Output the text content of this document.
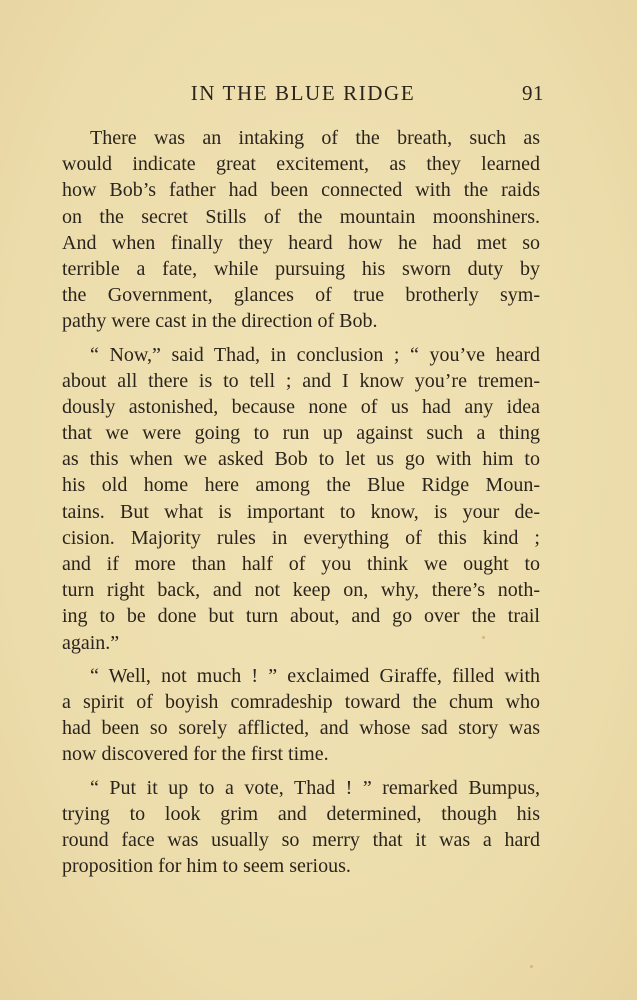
IN THE BLUE RIDGE	91
There was an intaking of the breath, such as
would indicate great excitement, as they learned
how Bob’s father had been connected with the raids
on the secret Stills of the mountain moonshiners.
And when finally they heard how he had met so
terrible a fate, while pursuing his sworn duty by
the Government, glances of true brotherly sym-
pathy were cast in the direction of Bob.
“ Now,” said Thad, in conclusion ; “ you’ve heard
about all there is to tell ; and I know you’re tremen-
dously astonished, because none of us had any idea
that we were going to run up against such a thing
as this when we asked Bob to let us go with him to
his old home here among the Blue Ridge Moun-
tains. But what is important to know, is your de-
cision. Majority rules in everything of this kind ;
and if more than half of you think we ought to
turn right back, and not keep on, why, there’s noth-
ing to be done but turn about, and go over the trail
again.”
“ Well, not much ! ” exclaimed Giraffe, filled with
a spirit of boyish comradeship toward the chum who
had been so sorely afflicted, and whose sad story was
now discovered for the first time.
“ Put it up to a vote, Thad ! ” remarked Bumpus,
trying to look grim and determined, though his
round face was usually so merry that it was a hard
proposition for him to seem serious.
